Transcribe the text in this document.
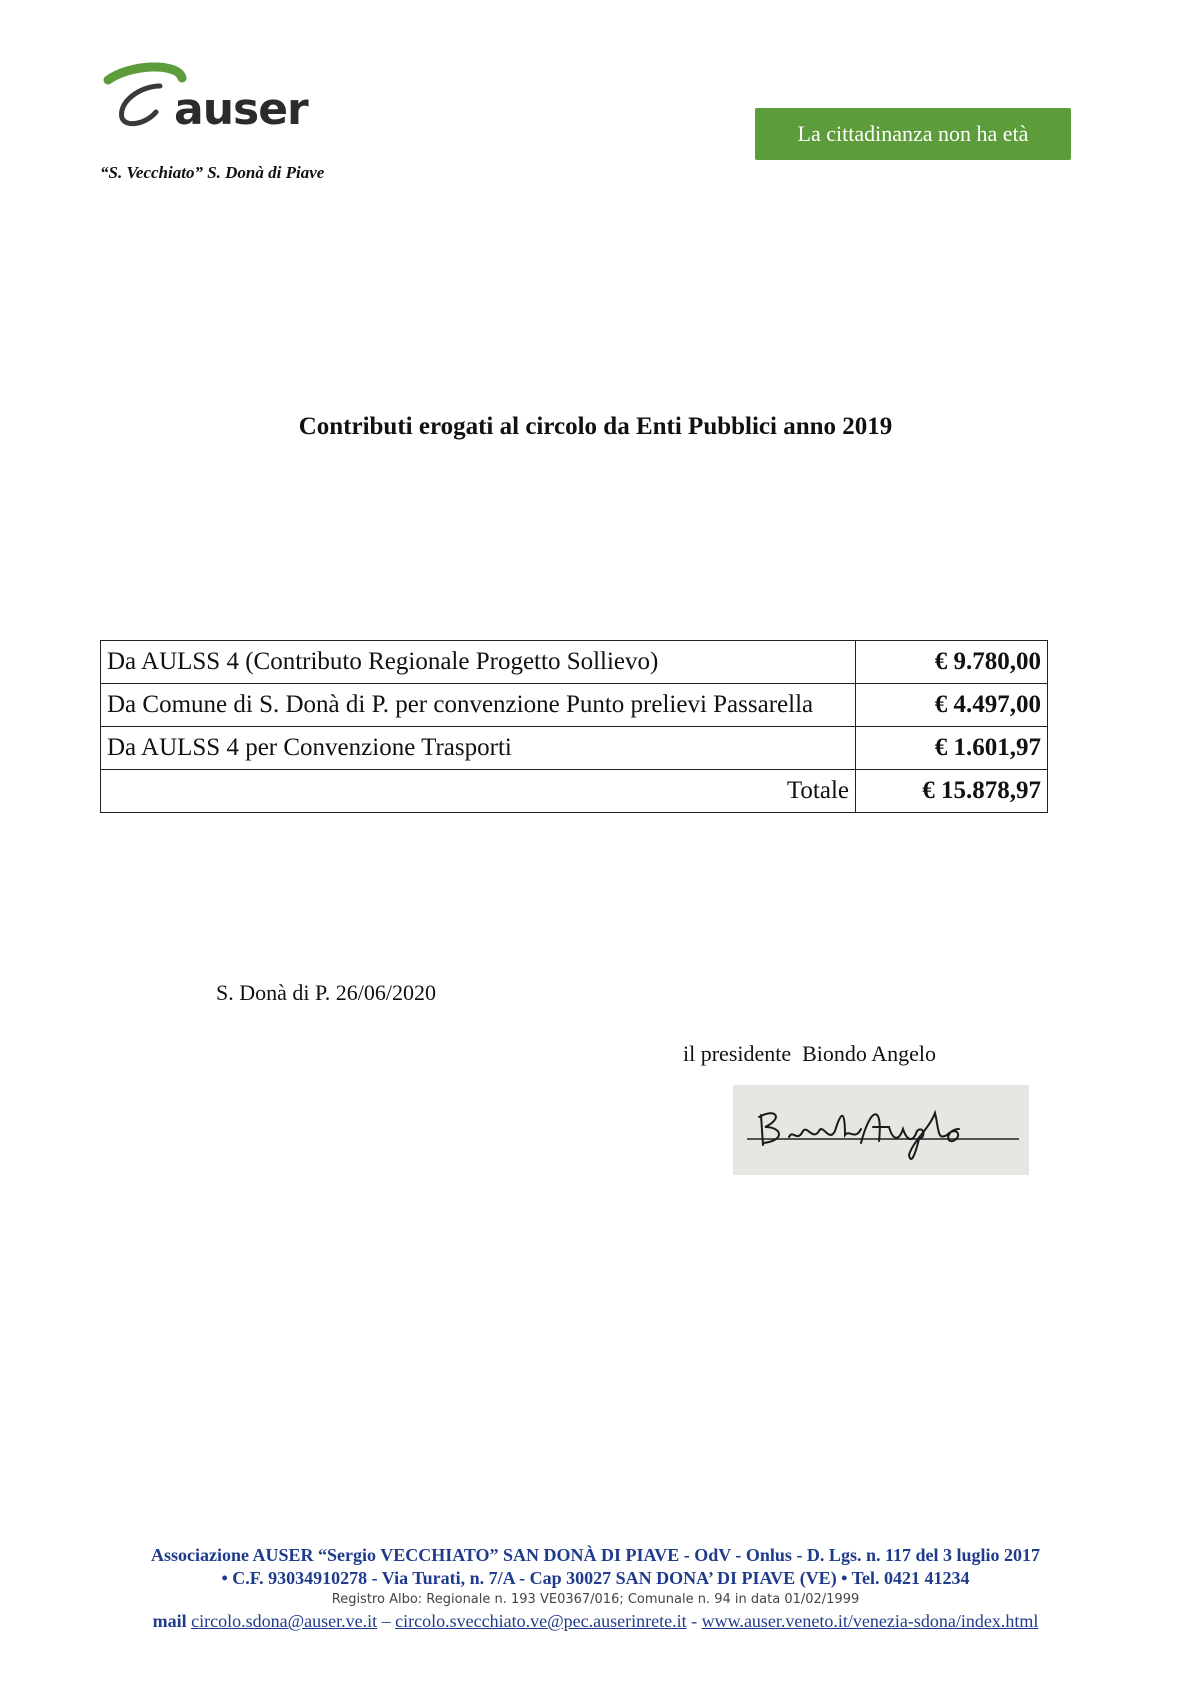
auser
“S. Vecchiato” S. Donà di Piave
La cittadinanza non ha età
Contributi erogati al circolo da Enti Pubblici anno 2019
Da AULSS 4 (Contributo Regionale Progetto Sollievo)	€ 9.780,00
Da Comune di S. Donà di P. per convenzione Punto prelievi Passarella	€ 4.497,00
Da AULSS 4 per Convenzione Trasporti	€ 1.601,97
Totale	€ 15.878,97
S. Donà di P. 26/06/2020
il presidente  Biondo Angelo
Associazione AUSER “Sergio VECCHIATO” SAN DONÀ DI PIAVE - OdV - Onlus - D. Lgs. n. 117 del 3 luglio 2017
• C.F. 93034910278 - Via Turati, n. 7/A - Cap 30027 SAN DONA’ DI PIAVE (VE) • Tel. 0421 41234
Registro Albo: Regionale n. 193 VE0367/016; Comunale n. 94 in data 01/02/1999
mail circolo.sdona@auser.ve.it – circolo.svecchiato.ve@pec.auserinrete.it - www.auser.veneto.it/venezia-sdona/index.html
